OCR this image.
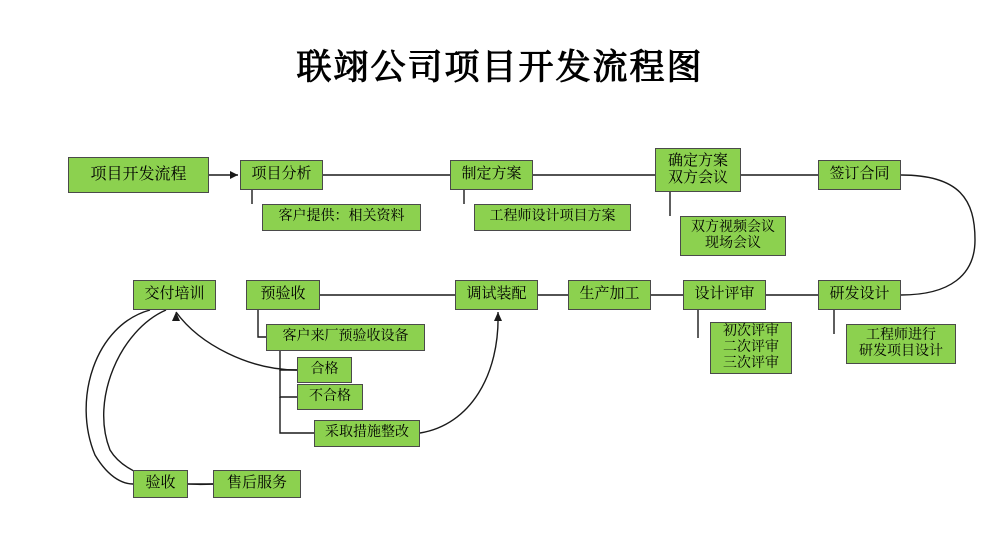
联翊公司项目开发流程图
项目开发流程	项目分析
客户提供：相关资料
制定方案
工程师设计项目方案
确定方案
双方会议
双方视频会议
现场会议
签订合同
研发设计
工程师进行
研发项目设计
设计评审
初次评审
二次评审
三次评审
生产加工
调试装配
预验收
客户来厂预验收设备
合格
不合格
采取措施整改
交付培训
验收	售后服务
